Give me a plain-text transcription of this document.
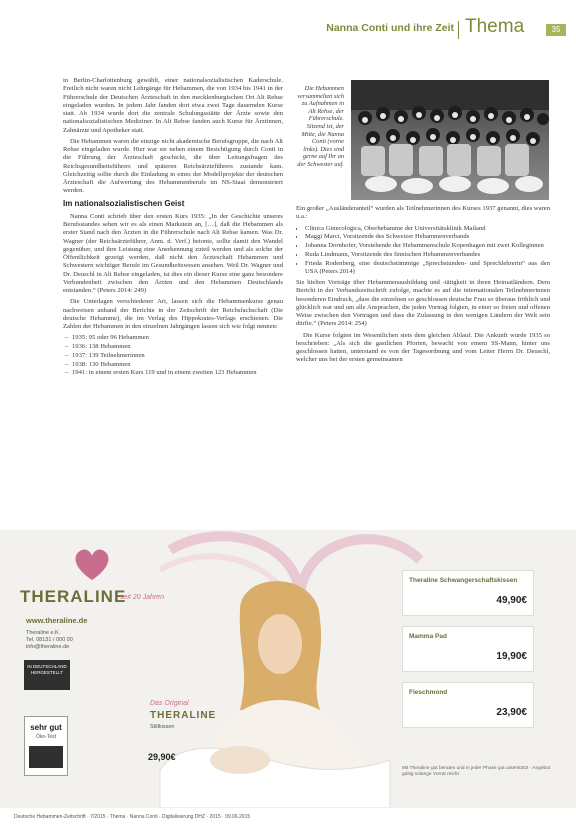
Nanna Conti und ihre Zeit Thema	35

in Berlin-Charlottenburg gewählt, einer nationalsozialistischen Kaderschule. Freilich nicht waren nicht Lehrgänge für Hebammen, die von 1934 bis 1941 in der Führerschule der Deutschen Ärzteschaft in den mecklenburgischen Ort Alt Rehse eingeladen wurden. In jedem Jahr fanden dort etwa zwei Tage dauernden Kurse statt. Ab 1934 wurde dort die zentrale Schulungsstätte der Ärzte sowie den nationalsozialistischen Mediziner. In Alt Rehse fanden auch Kurse für Ärztinnen, Zahnärzte und Apotheker statt.

Die Hebammen waren die einzige nicht akademische Berufsgruppe, die nach Alt Rehse eingeladen wurde. Hier war sie neben einem Besichtigung durch Conti in die Führung der Ärzteschaft geschickt, die über Leitungsfragen des Reichsgesundheitsführers und späteren Reichsärzteführers zustande kam. Gleichzeitig sollte durch die Einladung in eines der Modellprojekte der deutschen Ärzteschaft die Aufwertung des Hebammenberufs im NS-Staat demonstriert werden.

Im nationalsozialistischen Geist

Nanna Conti schrieb über den ersten Kurs 1935: „In der Geschichte unseres Berufsstandes sehen wir es als einen Markstein an, […], daß die Hebammen als erster Stand nach den Ärzten in die Führerschule nach Alt Rehse kamen. Was Dr. Wagner (der Reichsärzteführer, Anm. d. Verf.) betonte, sollte damit den Wandel gegenüber, und ihre Leistung eine Anerkennung zuteil werden und als solche der Öffentlichkeit gezeigt werden, daß nicht den Ärzteschaft Hebammen und Schwestern wichtiger Berufe im Gesundheitswesen ansehen. Weil Dr. Wagner und Dr. Deuschl in Alt Rehse eingeladen, ist dies ein dieser Kurse eine ganz besondere Verbundenheit zwischen den Ärzten und den Hebammen Deutschlands entstanden.“ (Peters 2014: 249)

Die Unterlagen verschiedener Art, lassen sich die Hebammenkurse genau nachweisen anhand der Berichte in der Zeitschrift der Reichsfachschaft (Die deutsche Hebamme), die im Verlag des Hippokrates-Verlags erschienen. Die Zahlen der Hebammen in den einzelnen Jahrgängen lassen sich wie folgt nennen:

– 1935: 95 oder 96 Hebammen
– 1936: 138 Hebammen
– 1937: 139 Teilnehmerinnen
– 1938: 130 Hebammen
– 1941: in einem ersten Kurs 119 und in einem zweiten 123 Hebammen
Die Hebammen versammelten sich zu Aufnahmen in Alt Rehse, der Führerschule. Sitzend ist, der Mitte, die Nanna Conti (vorne links). Dies sind gerne auf Ihr an der Schwester auf.

Ein großer „Ausländeranteil“ wurden als Teilnehmerinnen des Kurses 1937 genannt, dies waren u.a.:

• Clinica Ginecologica, Oberhebamme der Universitätsklinik Mailand
• Maggi Marci, Vorsitzende des Schweizer Hebammenverbands
• Johanna Dornhofer, Vorstehende der Hebammenschule Kopenhagen mit zwei Kolleginnen
• Ruda Lindmann, Vorsitzende des finnischen Hebammenverbandes
• Frieda Rodenberg, eine deutschstämmige „Sprechstunden- und Sprechlehrerin“ aus den USA (Peters 2014)

Sie hielten Vorträge über Hebammenausbildung und -tätigkeit in ihren Heimatländern. Dem Bericht in der Verbandszeitschrift zufolge, machte es auf die internationalen Teilnehmerinnen besonderen Eindruck, „dass die einzelnen so geschlossen deutsche Frau so überaus fröhlich und glücklich war und um alle Ansprachen, die jeden Vortrag folgten, in einer so freien und offenen Weise zwischen den Vorträgen und dass die Zulassung in den wenigen Ländern der Welt sein dürfte.“ (Peters 2014: 254)

Die Kurse folgten im Wesentlichen stets dem gleichen Ablauf. Die Ankunft wurde 1935 so beschrieben: „Als sich die gastlichen Pforten, bewacht von einem SS-Mann, hinter uns geschlossen hatten, unterstand es von der Tagesordnung und vom Leiter Herrn Dr. Deuschl, welcher uns bei der ersten gemeinsamen

THERALINE
seit 20 Jahren
www.theraline.de
Theraline e.K.
Tel. 08131 / 000 00
info@theraline.de
IN DEUTSCHLAND HERGESTELLT
sehr gut
Öko-Test
Das Original
THERALINE
Stillkissen
29,90€
Theraline Schwangerschaftskissen
49,90€
Mamma Pad
19,90€
Fleschmond
23,90€
Mit Theraline gut beraten und in jeder Phase gut unterstützt · Angebot gültig solange Vorrat reicht
Deutsche Hebammen-Zeitschrift · 7/2015 · Thema · Nanna Conti · Digitalisierung DHZ · 2015 · 09.06.2015
